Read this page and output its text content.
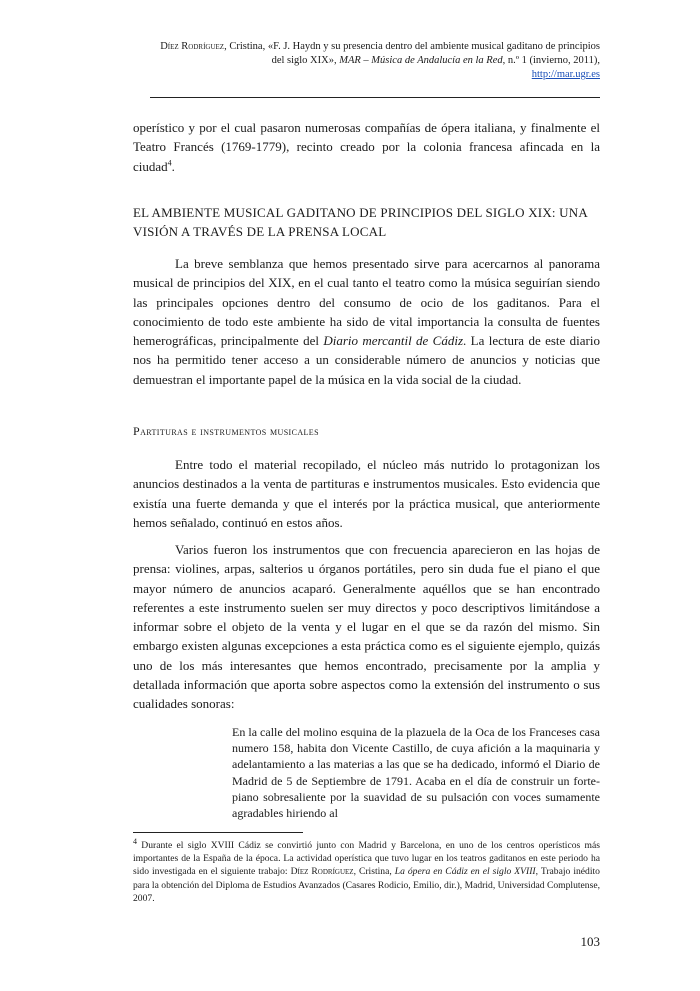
Díez Rodríguez, Cristina, «F. J. Haydn y su presencia dentro del ambiente musical gaditano de principios del siglo XIX», MAR – Música de Andalucía en la Red, n.º 1 (invierno, 2011),
http://mar.ugr.es

operístico y por el cual pasaron numerosas compañías de ópera italiana, y finalmente el Teatro Francés (1769-1779), recinto creado por la colonia francesa afincada en la ciudad$^4$.

EL AMBIENTE MUSICAL GADITANO DE PRINCIPIOS DEL SIGLO XIX: UNA VISIÓN A TRAVÉS DE LA PRENSA LOCAL

La breve semblanza que hemos presentado sirve para acercarnos al panorama musical de principios del XIX, en el cual tanto el teatro como la música seguirían siendo las principales opciones dentro del consumo de ocio de los gaditanos. Para el conocimiento de todo este ambiente ha sido de vital importancia la consulta de fuentes hemerográficas, principalmente del Diario mercantil de Cádiz. La lectura de este diario nos ha permitido tener acceso a un considerable número de anuncios y noticias que demuestran el importante papel de la música en la vida social de la ciudad.

Partituras e instrumentos musicales

Entre todo el material recopilado, el núcleo más nutrido lo protagonizan los anuncios destinados a la venta de partituras e instrumentos musicales. Esto evidencia que existía una fuerte demanda y que el interés por la práctica musical, que anteriormente hemos señalado, continuó en estos años.

Varios fueron los instrumentos que con frecuencia aparecieron en las hojas de prensa: violines, arpas, salterios u órganos portátiles, pero sin duda fue el piano el que mayor número de anuncios acaparó. Generalmente aquéllos que se han encontrado referentes a este instrumento suelen ser muy directos y poco descriptivos limitándose a informar sobre el objeto de la venta y el lugar en el que se da razón del mismo. Sin embargo existen algunas excepciones a esta práctica como es el siguiente ejemplo, quizás uno de los más interesantes que hemos encontrado, precisamente por la amplia y detallada información que aporta sobre aspectos como la extensión del instrumento o sus cualidades sonoras:

En la calle del molino esquina de la plazuela de la Oca de los Franceses casa numero 158, habita don Vicente Castillo, de cuya afición a la maquinaria y adelantamiento a las materias a las que se ha dedicado, informó el Diario de Madrid de 5 de Septiembre de 1791. Acaba en el día de construir un forte-piano sobresaliente por la suavidad de su pulsación con voces sumamente agradables hiriendo al

$^4$ Durante el siglo XVIII Cádiz se convirtió junto con Madrid y Barcelona, en uno de los centros operísticos más importantes de la España de la época. La actividad operística que tuvo lugar en los teatros gaditanos en este periodo ha sido investigada en el siguiente trabajo: Díez Rodríguez, Cristina, La ópera en Cádiz en el siglo XVIII, Trabajo inédito para la obtención del Diploma de Estudios Avanzados (Casares Rodicio, Emilio, dir.), Madrid, Universidad Complutense, 2007.

103
